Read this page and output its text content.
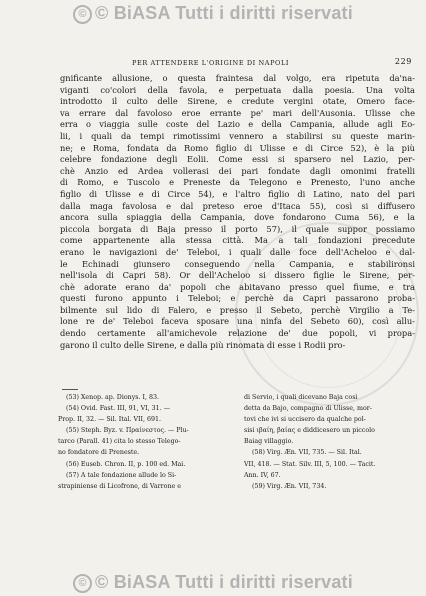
© © BiASA Tutti i diritti riservati
PER ATTENDERE L'ORIGINE DI NAPOLI	229
gnificante allusione, o questa fraintesa dal volgo, era ripetuta da'na-
viganti co'colori della favola, e perpetuata dalla poesia. Una volta
introdotto il culto delle Sirene, e credute vergini otate, Omero face-
va errare dal favoloso eroe errante pe' mari dell'Ausonia. Ulisse che
erra o viaggia sulle coste del Lazio e della Campania, allude agli Eo-
lii, i quali da tempi rimotissimi vennero a stabilirsi su queste marin-
ne; e Roma, fondata da Romo figlio di Ulisse e di Circe 52), è la più
celebre fondazione degli Eolii. Come essi si sparsero nel Lazio, per-
chè Anzio ed Ardea vollerasi dei pari fondate dagli omonimi fratelli
di Romo, e Tuscolo e Preneste da Telegono e Prenesto, l'uno anche
figlio di Ulisse e di Circe 54), e l'altro figlio di Latino, nato del pari
dalla maga favolosa e dal preteso eroe d'Itaca 55), così si diffusero
ancora sulla spiaggia della Campania, dove fondarono Cuma 56), e la
piccola borgata di Baja presso il porto 57), il quale suppor possiamo
come appartenente alla stessa città. Ma a tali fondazioni precedute
erano le navigazioni de' Teleboi, i quali dalle foce dell'Acheloo e dal-
le Echinadi giunsero conseguendo nella Campania, e stabilironsi
nell'isola di Capri 58). Or dell'Acheloo si dissero figlie le Sirene, per-
chè adorate erano da' popoli che abitavano presso quel fiume, e tra
questi furono appunto i Teleboi; e perchè da Capri passarono proba-
bilmente sul lido di Falero, e presso il Sebeto, perchè Virgilio a Te-
lone re de' Teleboi faceva sposare una ninfa del Sebeto 60), così allu-
dendo certamente all'amichevole relazione de' due popoli, vi propa-
garono il culto delle Sirene, e dalla più rinomata di esse i Rodii pro-
(53) Xenop. ap. Dionys. I, 83.
(54) Ovid. Fast. III, 91, VI, 31. —
Prop. II, 32. — Sil. Ital. VII, 691.
(55) Steph. Byz. v. Πραίνεστος. — Plu-
tarco (Parall. 41) cita lo stesso Telego-
no fondatore di Preneste.
(56) Euseb. Chron. II, p. 100 ed. Mai.
(57) A tale fondazione allude lo Si-
strapiniense di Licofrone, di Varrone e
di Servio, i quali dicevano Baja così
detta da Bajo, compagno di Ulisse, mor-
tovi che ivi si uccisero da qualche pol-
sisi ιβαίη, βαίας e diddicesero un piccolo
Baiag villaggio.
(58) Virg. Æn. VII, 735. — Sil. Ital.
VII, 418. — Stat. Silv. III, 5, 100. — Tacit.
Ann. IV, 67.
(59) Virg. Æn. VII, 734.
© © BiASA Tutti i diritti riservati
